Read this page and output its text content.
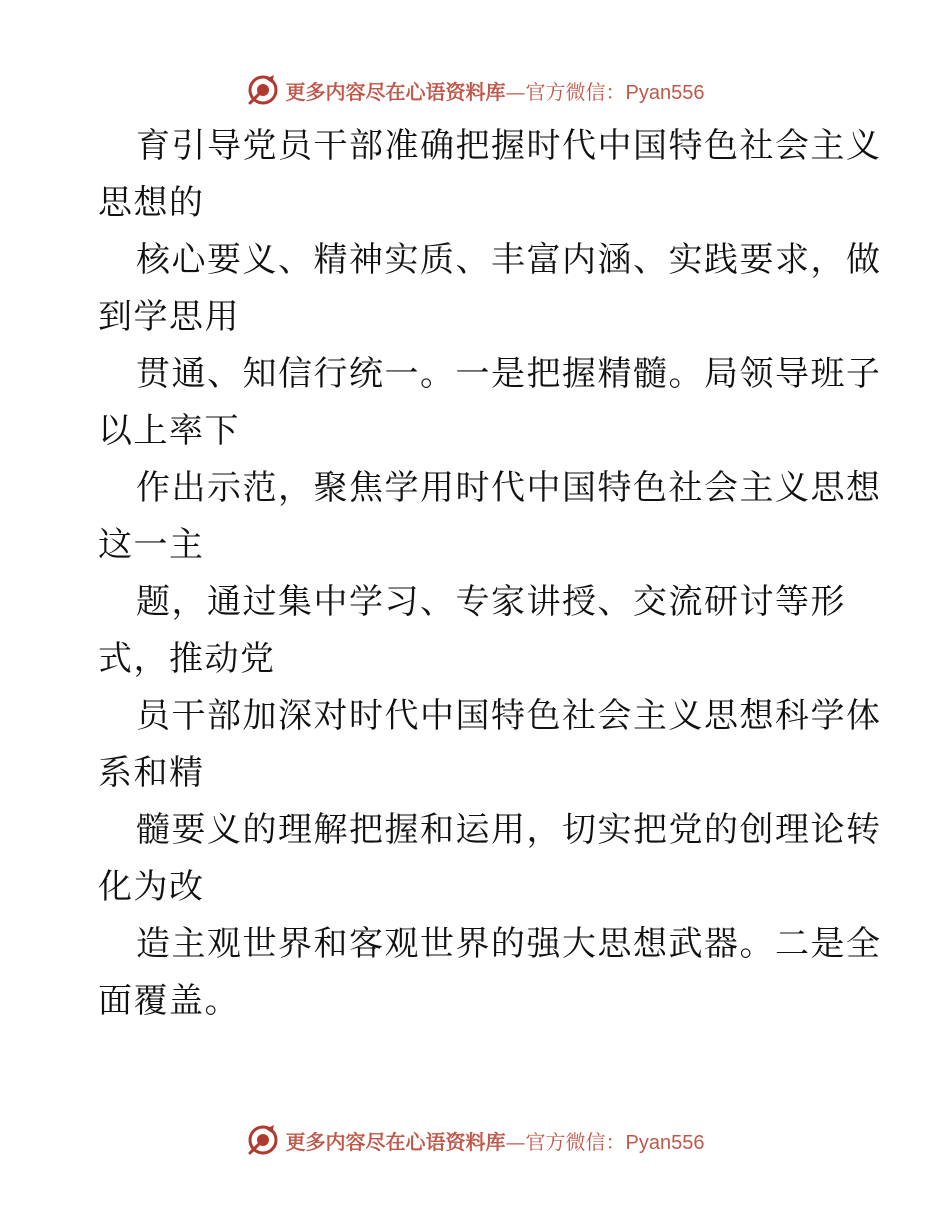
更多内容尽在心语资料库—官方微信：Pyan556
育引导党员干部准确把握时代中国特色社会主义
思想的
核心要义、精神实质、丰富内涵、实践要求，做
到学思用
贯通、知信行统一。一是把握精髓。局领导班子
以上率下
作出示范，聚焦学用时代中国特色社会主义思想
这一主
题，通过集中学习、专家讲授、交流研讨等形
式，推动党
员干部加深对时代中国特色社会主义思想科学体
系和精
髓要义的理解把握和运用，切实把党的创理论转
化为改
造主观世界和客观世界的强大思想武器。二是全
面覆盖。
更多内容尽在心语资料库—官方微信：Pyan556
